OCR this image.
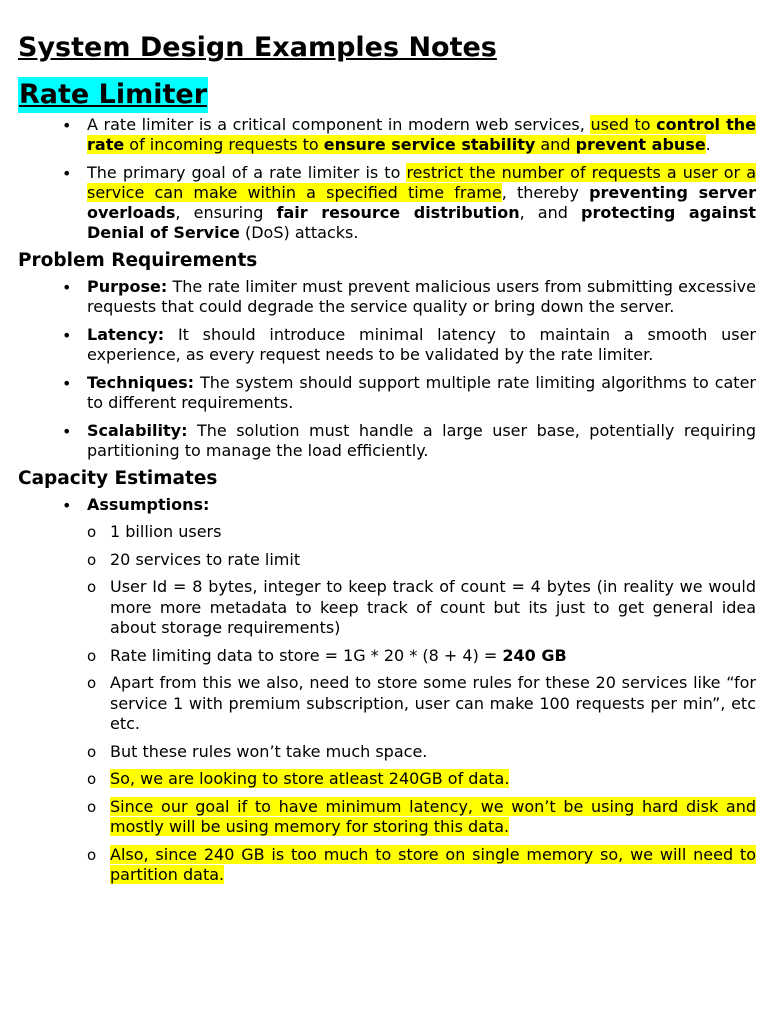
System Design Examples Notes
Rate Limiter
• A rate limiter is a critical component in modern web services, used to control the rate of incoming requests to ensure service stability and prevent abuse.
• The primary goal of a rate limiter is to restrict the number of requests a user or a service can make within a specified time frame, thereby preventing server overloads, ensuring fair resource distribution, and protecting against Denial of Service (DoS) attacks.
Problem Requirements
• Purpose: The rate limiter must prevent malicious users from submitting excessive requests that could degrade the service quality or bring down the server.
• Latency: It should introduce minimal latency to maintain a smooth user experience, as every request needs to be validated by the rate limiter.
• Techniques: The system should support multiple rate limiting algorithms to cater to different requirements.
• Scalability: The solution must handle a large user base, potentially requiring partitioning to manage the load efficiently.
Capacity Estimates
• Assumptions:
o 1 billion users
o 20 services to rate limit
o User Id = 8 bytes, integer to keep track of count = 4 bytes (in reality we would more more metadata to keep track of count but its just to get general idea about storage requirements)
o Rate limiting data to store = 1G * 20 * (8 + 4) = 240 GB
o Apart from this we also, need to store some rules for these 20 services like “for service 1 with premium subscription, user can make 100 requests per min”, etc etc.
o But these rules won’t take much space.
o So, we are looking to store atleast 240GB of data.
o Since our goal if to have minimum latency, we won’t be using hard disk and mostly will be using memory for storing this data.
o Also, since 240 GB is too much to store on single memory so, we will need to partition data.
